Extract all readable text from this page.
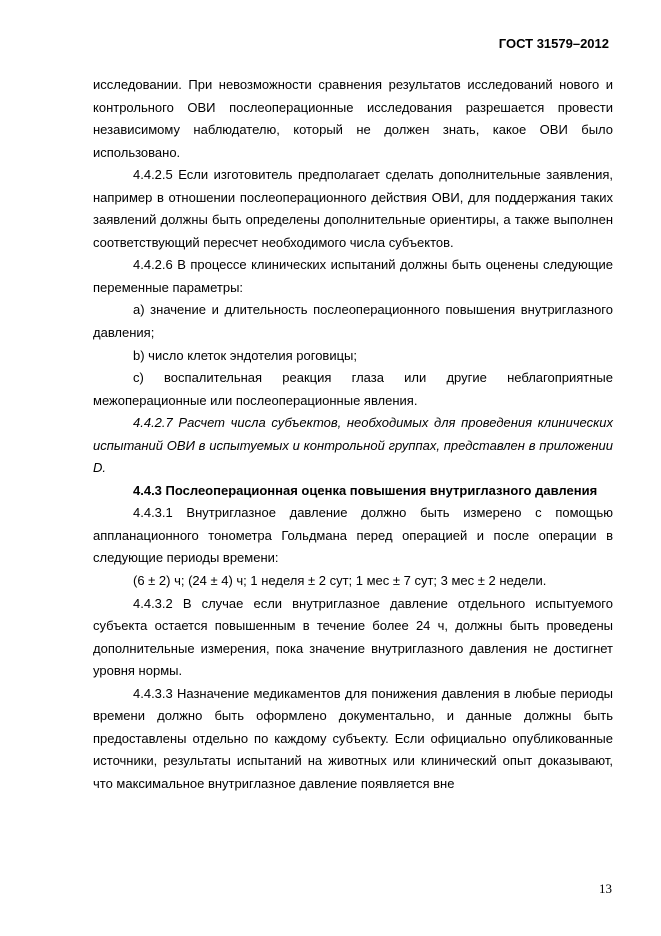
ГОСТ 31579–2012

исследовании. При невозможности сравнения результатов исследований нового и контрольного ОВИ послеоперационные исследования разрешается провести независимому наблюдателю, который не должен знать, какое ОВИ было использовано.

4.4.2.5 Если изготовитель предполагает сделать дополнительные заявления, например в отношении послеоперационного действия ОВИ, для поддержания таких заявлений должны быть определены дополнительные ориентиры, а также выполнен соответствующий пересчет необходимого числа субъектов.

4.4.2.6 В процессе клинических испытаний должны быть оценены следующие переменные параметры:

a) значение и длительность послеоперационного повышения внутриглазного давления;

b) число клеток эндотелия роговицы;

c) воспалительная реакция глаза или другие неблагоприятные межоперационные или послеоперационные явления.

4.4.2.7 Расчет числа субъектов, необходимых для проведения клинических испытаний ОВИ в испытуемых и контрольной группах, представлен в приложении D.

4.4.3 Послеоперационная оценка повышения внутриглазного давления

4.4.3.1 Внутриглазное давление должно быть измерено с помощью аппланационного тонометра Гольдмана перед операцией и после операции в следующие периоды времени:

(6 ± 2) ч; (24 ± 4) ч; 1 неделя ± 2 сут; 1 мес ± 7 сут; 3 мес ± 2 недели.

4.4.3.2 В случае если внутриглазное давление отдельного испытуемого субъекта остается повышенным в течение более 24 ч, должны быть проведены дополнительные измерения, пока значение внутриглазного давления не достигнет уровня нормы.

4.4.3.3 Назначение медикаментов для понижения давления в любые периоды времени должно быть оформлено документально, и данные должны быть предоставлены отдельно по каждому субъекту. Если официально опубликованные источники, результаты испытаний на животных или клинический опыт доказывают, что максимальное внутриглазное давление появляется вне

13
